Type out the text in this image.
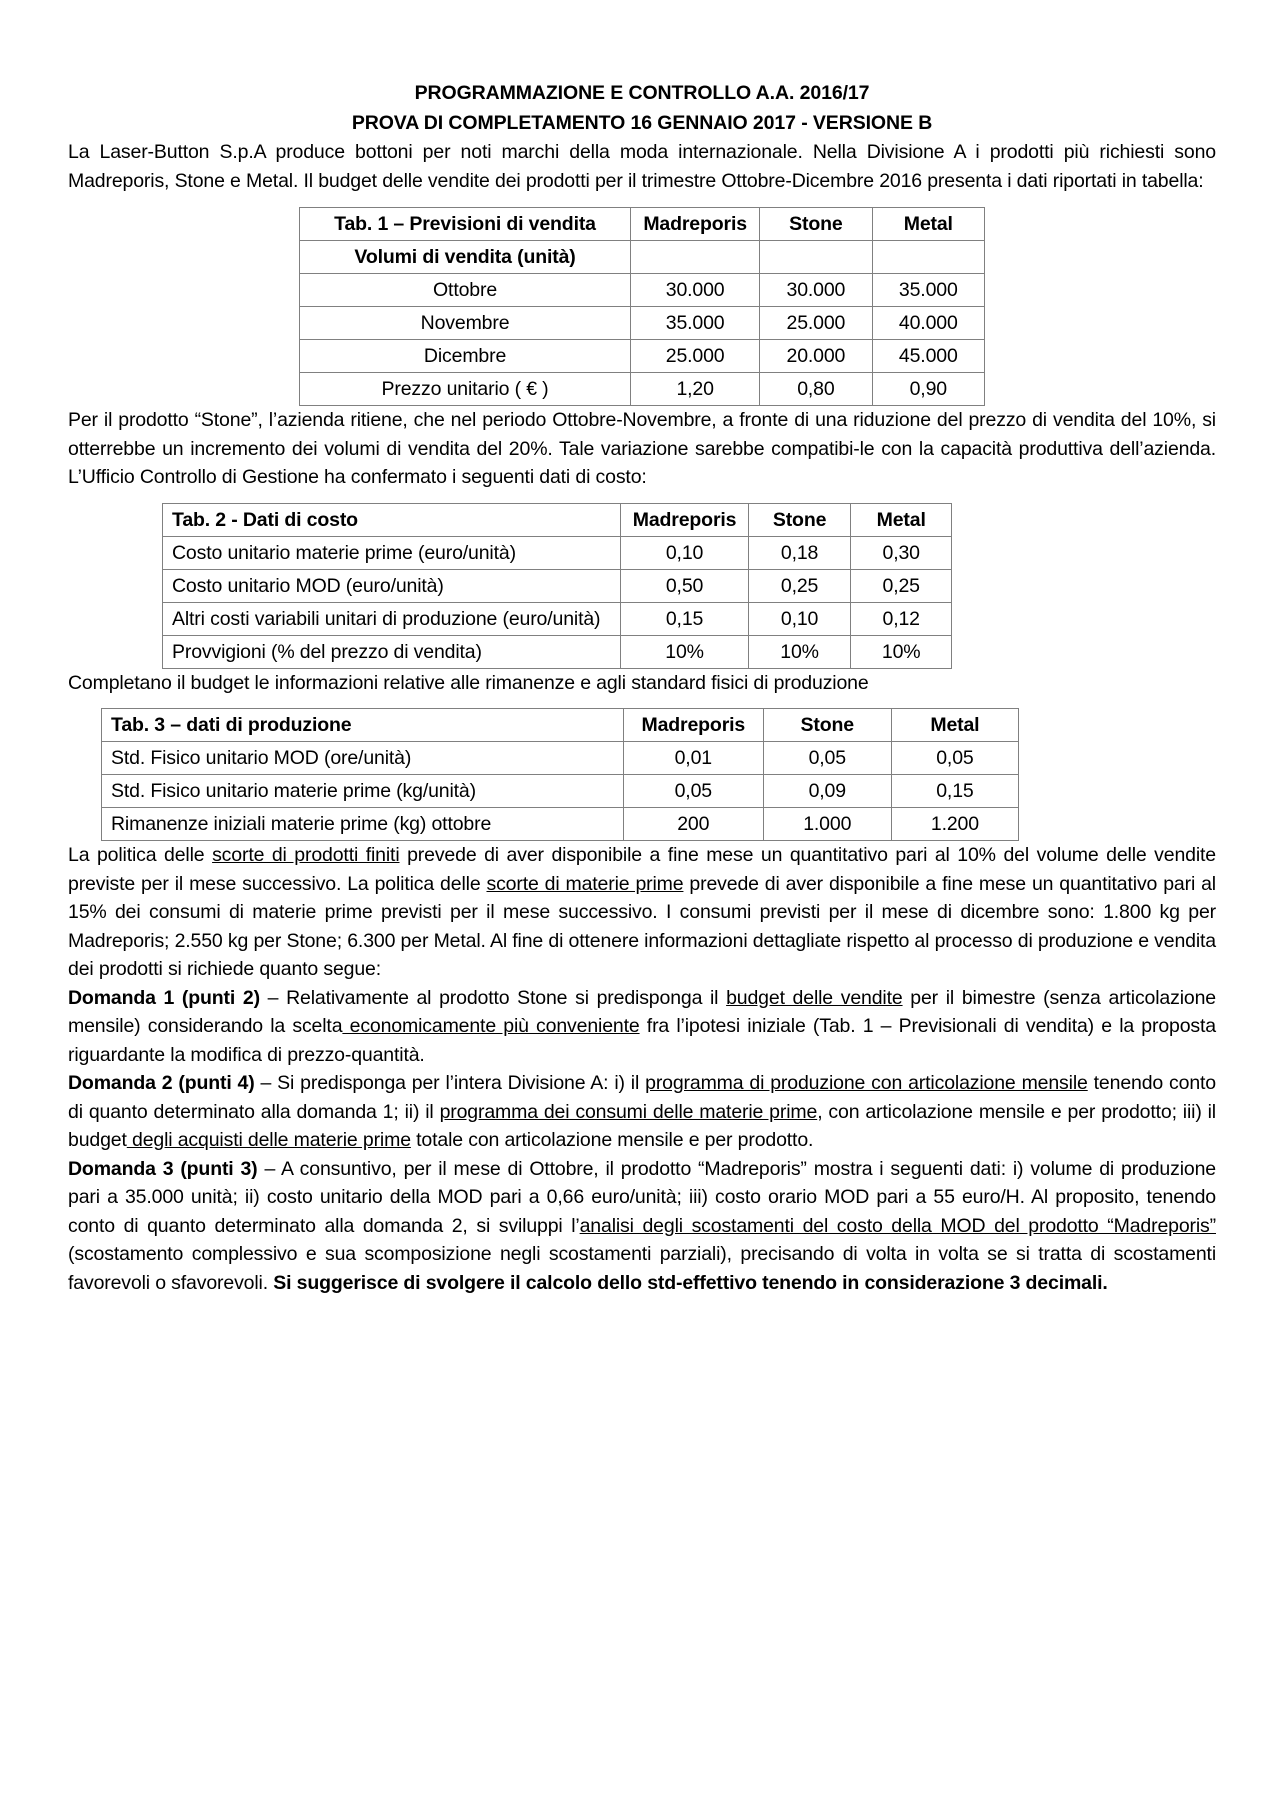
PROGRAMMAZIONE E CONTROLLO A.A. 2016/17
PROVA DI COMPLETAMENTO 16 GENNAIO 2017 - VERSIONE B

La Laser-Button S.p.A produce bottoni per noti marchi della moda internazionale. Nella Divisione A i prodotti più richiesti sono Madreporis, Stone e Metal. Il budget delle vendite dei prodotti per il trimestre Ottobre-Dicembre 2016 presenta i dati riportati in tabella:

Tab. 1 – Previsioni di vendita	Madreporis	Stone	Metal
Volumi di vendita (unità)			
Ottobre	30.000	30.000	35.000
Novembre	35.000	25.000	40.000
Dicembre	25.000	20.000	45.000
Prezzo unitario ( € )	1,20	0,80	0,90

Per il prodotto “Stone”, l’azienda ritiene, che nel periodo Ottobre-Novembre, a fronte di una riduzione del prezzo di vendita del 10%, si otterrebbe un incremento dei volumi di vendita del 20%. Tale variazione sarebbe compatibi-le con la capacità produttiva dell’azienda. L’Ufficio Controllo di Gestione ha confermato i seguenti dati di costo:

Tab. 2 - Dati di costo	Madreporis	Stone	Metal
Costo unitario materie prime (euro/unità)	0,10	0,18	0,30
Costo unitario MOD (euro/unità)	0,50	0,25	0,25
Altri costi variabili unitari di produzione (euro/unità)	0,15	0,10	0,12
Provvigioni (% del prezzo di vendita)	10%	10%	10%

Completano il budget le informazioni relative alle rimanenze e agli standard fisici di produzione

Tab. 3 – dati di produzione	Madreporis	Stone	Metal
Std. Fisico unitario MOD (ore/unità)	0,01	0,05	0,05
Std. Fisico unitario materie prime (kg/unità)	0,05	0,09	0,15
Rimanenze iniziali materie prime (kg) ottobre	200	1.000	1.200

La politica delle scorte di prodotti finiti prevede di aver disponibile a fine mese un quantitativo pari al 10% del volume delle vendite previste per il mese successivo. La politica delle scorte di materie prime prevede di aver disponibile a fine mese un quantitativo pari al 15% dei consumi di materie prime previsti per il mese successivo. I consumi previsti per il mese di dicembre sono: 1.800 kg per Madreporis; 2.550 kg per Stone; 6.300 per Metal. Al fine di ottenere informazioni dettagliate rispetto al processo di produzione e vendita dei prodotti si richiede quanto segue:

Domanda 1 (punti 2) – Relativamente al prodotto Stone si predisponga il budget delle vendite per il bimestre (senza articolazione mensile) considerando la scelta economicamente più conveniente fra l’ipotesi iniziale (Tab. 1 – Previsionali di vendita) e la proposta riguardante la modifica di prezzo-quantità.

Domanda 2 (punti 4) – Si predisponga per l’intera Divisione A: i) il programma di produzione con articolazione mensile tenendo conto di quanto determinato alla domanda 1; ii) il programma dei consumi delle materie prime, con articolazione mensile e per prodotto; iii) il budget degli acquisti delle materie prime totale con articolazione mensile e per prodotto.

Domanda 3 (punti 3) – A consuntivo, per il mese di Ottobre, il prodotto “Madreporis” mostra i seguenti dati: i) volume di produzione pari a 35.000 unità; ii) costo unitario della MOD pari a 0,66 euro/unità; iii) costo orario MOD pari a 55 euro/H. Al proposito, tenendo conto di quanto determinato alla domanda 2, si sviluppi l’analisi degli scostamenti del costo della MOD del prodotto “Madreporis” (scostamento complessivo e sua scomposizione negli scostamenti parziali), precisando di volta in volta se si tratta di scostamenti favorevoli o sfavorevoli. Si suggerisce di svolgere il calcolo dello std-effettivo tenendo in considerazione 3 decimali.
